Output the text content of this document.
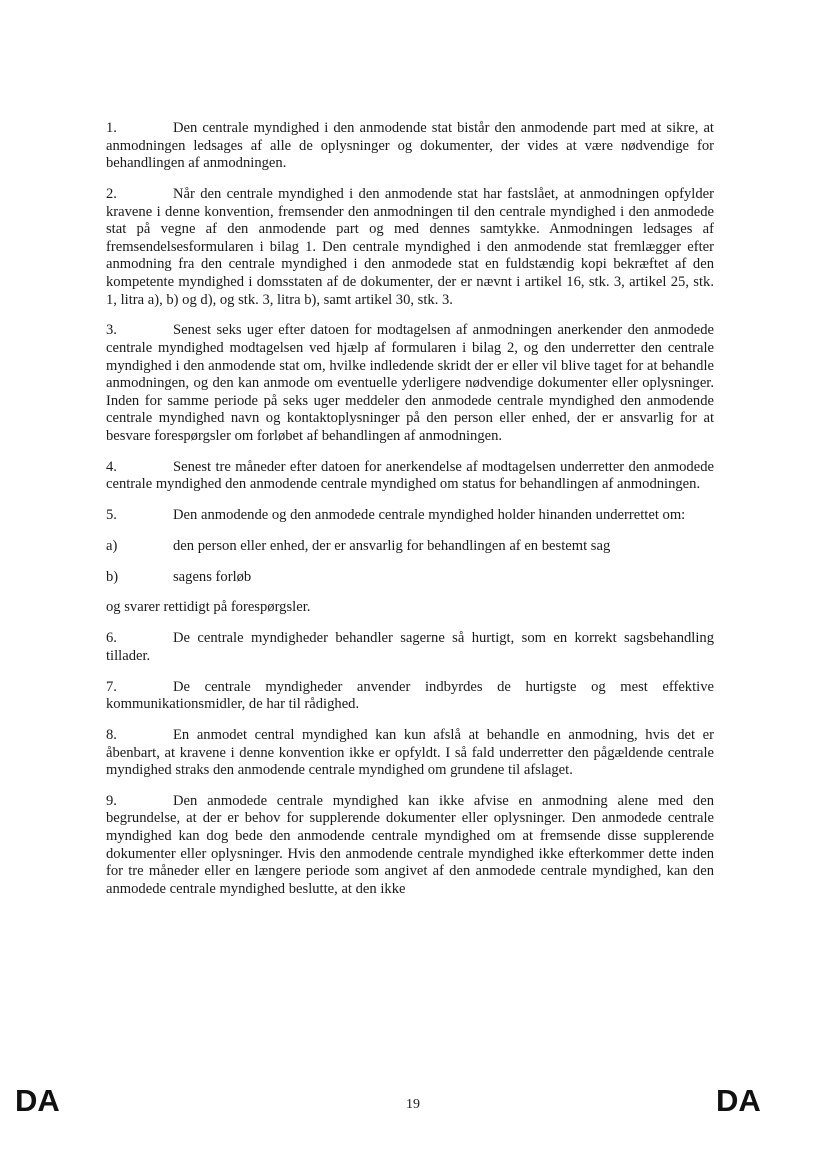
1.	Den centrale myndighed i den anmodende stat bistår den anmodende part med at sikre, at anmodningen ledsages af alle de oplysninger og dokumenter, der vides at være nødvendige for behandlingen af anmodningen.

2.	Når den centrale myndighed i den anmodende stat har fastslået, at anmodningen opfylder kravene i denne konvention, fremsender den anmodningen til den centrale myndighed i den anmodede stat på vegne af den anmodende part og med dennes samtykke. Anmodningen ledsages af fremsendelsesformularen i bilag 1. Den centrale myndighed i den anmodende stat fremlægger efter anmodning fra den centrale myndighed i den anmodede stat en fuldstændig kopi bekræftet af den kompetente myndighed i domsstaten af de dokumenter, der er nævnt i artikel 16, stk. 3, artikel 25, stk. 1, litra a), b) og d), og stk. 3, litra b), samt artikel 30, stk. 3.

3.	Senest seks uger efter datoen for modtagelsen af anmodningen anerkender den anmodede centrale myndighed modtagelsen ved hjælp af formularen i bilag 2, og den underretter den centrale myndighed i den anmodende stat om, hvilke indledende skridt der er eller vil blive taget for at behandle anmodningen, og den kan anmode om eventuelle yderligere nødvendige dokumenter eller oplysninger. Inden for samme periode på seks uger meddeler den anmodede centrale myndighed den anmodende centrale myndighed navn og kontaktoplysninger på den person eller enhed, der er ansvarlig for at besvare forespørgsler om forløbet af behandlingen af anmodningen.

4.	Senest tre måneder efter datoen for anerkendelse af modtagelsen underretter den anmodede centrale myndighed den anmodende centrale myndighed om status for behandlingen af anmodningen.

5.	Den anmodende og den anmodede centrale myndighed holder hinanden underrettet om:

a)	den person eller enhed, der er ansvarlig for behandlingen af en bestemt sag
b)	sagens forløb

og svarer rettidigt på forespørgsler.

6.	De centrale myndigheder behandler sagerne så hurtigt, som en korrekt sagsbehandling tillader.

7.	De centrale myndigheder anvender indbyrdes de hurtigste og mest effektive kommunikationsmidler, de har til rådighed.

8.	En anmodet central myndighed kan kun afslå at behandle en anmodning, hvis det er åbenbart, at kravene i denne konvention ikke er opfyldt. I så fald underretter den pågældende centrale myndighed straks den anmodende centrale myndighed om grundene til afslaget.

9.	Den anmodede centrale myndighed kan ikke afvise en anmodning alene med den begrundelse, at der er behov for supplerende dokumenter eller oplysninger. Den anmodede centrale myndighed kan dog bede den anmodende centrale myndighed om at fremsende disse supplerende dokumenter eller oplysninger. Hvis den anmodende centrale myndighed ikke efterkommer dette inden for tre måneder eller en længere periode som angivet af den anmodede centrale myndighed, kan den anmodede centrale myndighed beslutte, at den ikke

DA	19	DA
